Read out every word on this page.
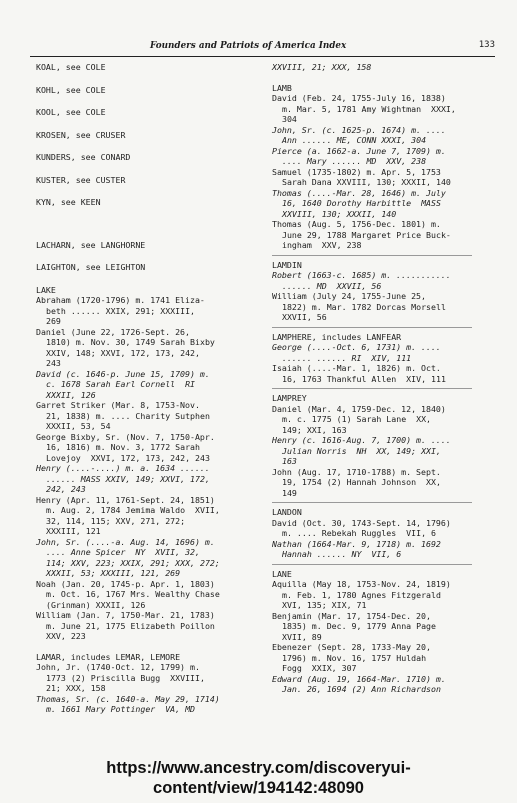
Founders and Patriots of America Index	133
KOAL, see COLE
KOHL, see COLE
KOOL, see COLE
KROSEN, see CRUSER
KUNDERS, see CONARD
KUSTER, see CUSTER
KYN, see KEEN
LACHARN, see LANGHORNE
LAIGHTON, see LEIGHTON
LAKE
Abraham (1720-1796) m. 1741 Eliza-
beth ...... XXIX, 291; XXXIII,
269
Daniel (June 22, 1726-Sept. 26,
1810) m. Nov. 30, 1749 Sarah Bixby
XXIV, 148; XXVI, 172, 173, 242,
243
David (c. 1646-p. June 15, 1709) m.
c. 1678 Sarah Earl Cornell  RI
XXXII, 126
Garret Striker (Mar. 8, 1753-Nov.
21, 1838) m. .... Charity Sutphen
XXXII, 53, 54
George Bixby, Sr. (Nov. 7, 1750-Apr.
16, 1816) m. Nov. 3, 1772 Sarah
Lovejoy  XXVI, 172, 173, 242, 243
Henry (....-....) m. a. 1634 ......
...... MASS XXIV, 149; XXVI, 172,
242, 243
Henry (Apr. 11, 1761-Sept. 24, 1851)
m. Aug. 2, 1784 Jemima Waldo  XVII,
32, 114, 115; XXV, 271, 272;
XXXIII, 121
John, Sr. (....-a. Aug. 14, 1696) m.
.... Anne Spicer  NY  XVII, 32,
114; XXV, 223; XXIX, 291; XXX, 272;
XXXII, 53; XXXIII, 121, 269
Noah (Jan. 20, 1745-p. Apr. 1, 1803)
m. Oct. 16, 1767 Mrs. Wealthy Chase
(Grinman) XXXII, 126
William (Jan. 7, 1750-Mar. 21, 1783)
m. June 21, 1775 Elizabeth Poillon
XXV, 223
LAMAR, includes LEMAR, LEMORE
John, Jr. (1740-Oct. 12, 1799) m.
1773 (2) Priscilla Bugg  XXVIII,
21; XXX, 158
Thomas, Sr. (c. 1640-a. May 29, 1714)
m. 1661 Mary Pottinger  VA, MD
XXVIII, 21; XXX, 158
LAMB
David (Feb. 24, 1755-July 16, 1838)
m. Mar. 5, 1781 Amy Wightman  XXXI,
304
John, Sr. (c. 1625-p. 1674) m. ....
Ann ...... ME, CONN XXXI, 304
Pierce (a. 1662-a. June 7, 1709) m.
.... Mary ...... MD  XXV, 238
Samuel (1735-1802) m. Apr. 5, 1753
Sarah Dana XXVIII, 130; XXXII, 140
Thomas (....-Mar. 28, 1646) m. July
16, 1640 Dorothy Harbittle  MASS
XXVIII, 130; XXXII, 140
Thomas (Aug. 5, 1756-Dec. 1801) m.
June 29, 1788 Margaret Price Buck-
ingham  XXV, 238
LAMDIN
Robert (1663-c. 1685) m. ...........
...... MD  XXVII, 56
William (July 24, 1755-June 25,
1822) m. Mar. 1782 Dorcas Morsell
XXVII, 56
LAMPHERE, includes LANFEAR
George (....-Oct. 6, 1731) m. ....
...... ...... RI  XIV, 111
Isaiah (....-Mar. 1, 1826) m. Oct.
16, 1763 Thankful Allen  XIV, 111
LAMPREY
Daniel (Mar. 4, 1759-Dec. 12, 1840)
m. c. 1775 (1) Sarah Lane  XX,
149; XXI, 163
Henry (c. 1616-Aug. 7, 1700) m. ....
Julian Norris  NH  XX, 149; XXI,
163
John (Aug. 17, 1710-1788) m. Sept.
19, 1754 (2) Hannah Johnson  XX,
149
LANDON
David (Oct. 30, 1743-Sept. 14, 1796)
m. .... Rebekah Ruggles  VII, 6
Nathan (1664-Mar. 9, 1718) m. 1692
Hannah ...... NY  VII, 6
LANE
Aquilla (May 18, 1753-Nov. 24, 1819)
m. Feb. 1, 1780 Agnes Fitzgerald
XVI, 135; XIX, 71
Benjamin (Mar. 17, 1754-Dec. 20,
1835) m. Dec. 9, 1779 Anna Page
XVII, 89
Ebenezer (Sept. 28, 1733-May 20,
1796) m. Nov. 16, 1757 Huldah
Fogg  XXIX, 307
Edward (Aug. 19, 1664-Mar. 1710) m.
Jan. 26, 1694 (2) Ann Richardson
https://www.ancestry.com/discoveryui-
content/view/194142:48090
